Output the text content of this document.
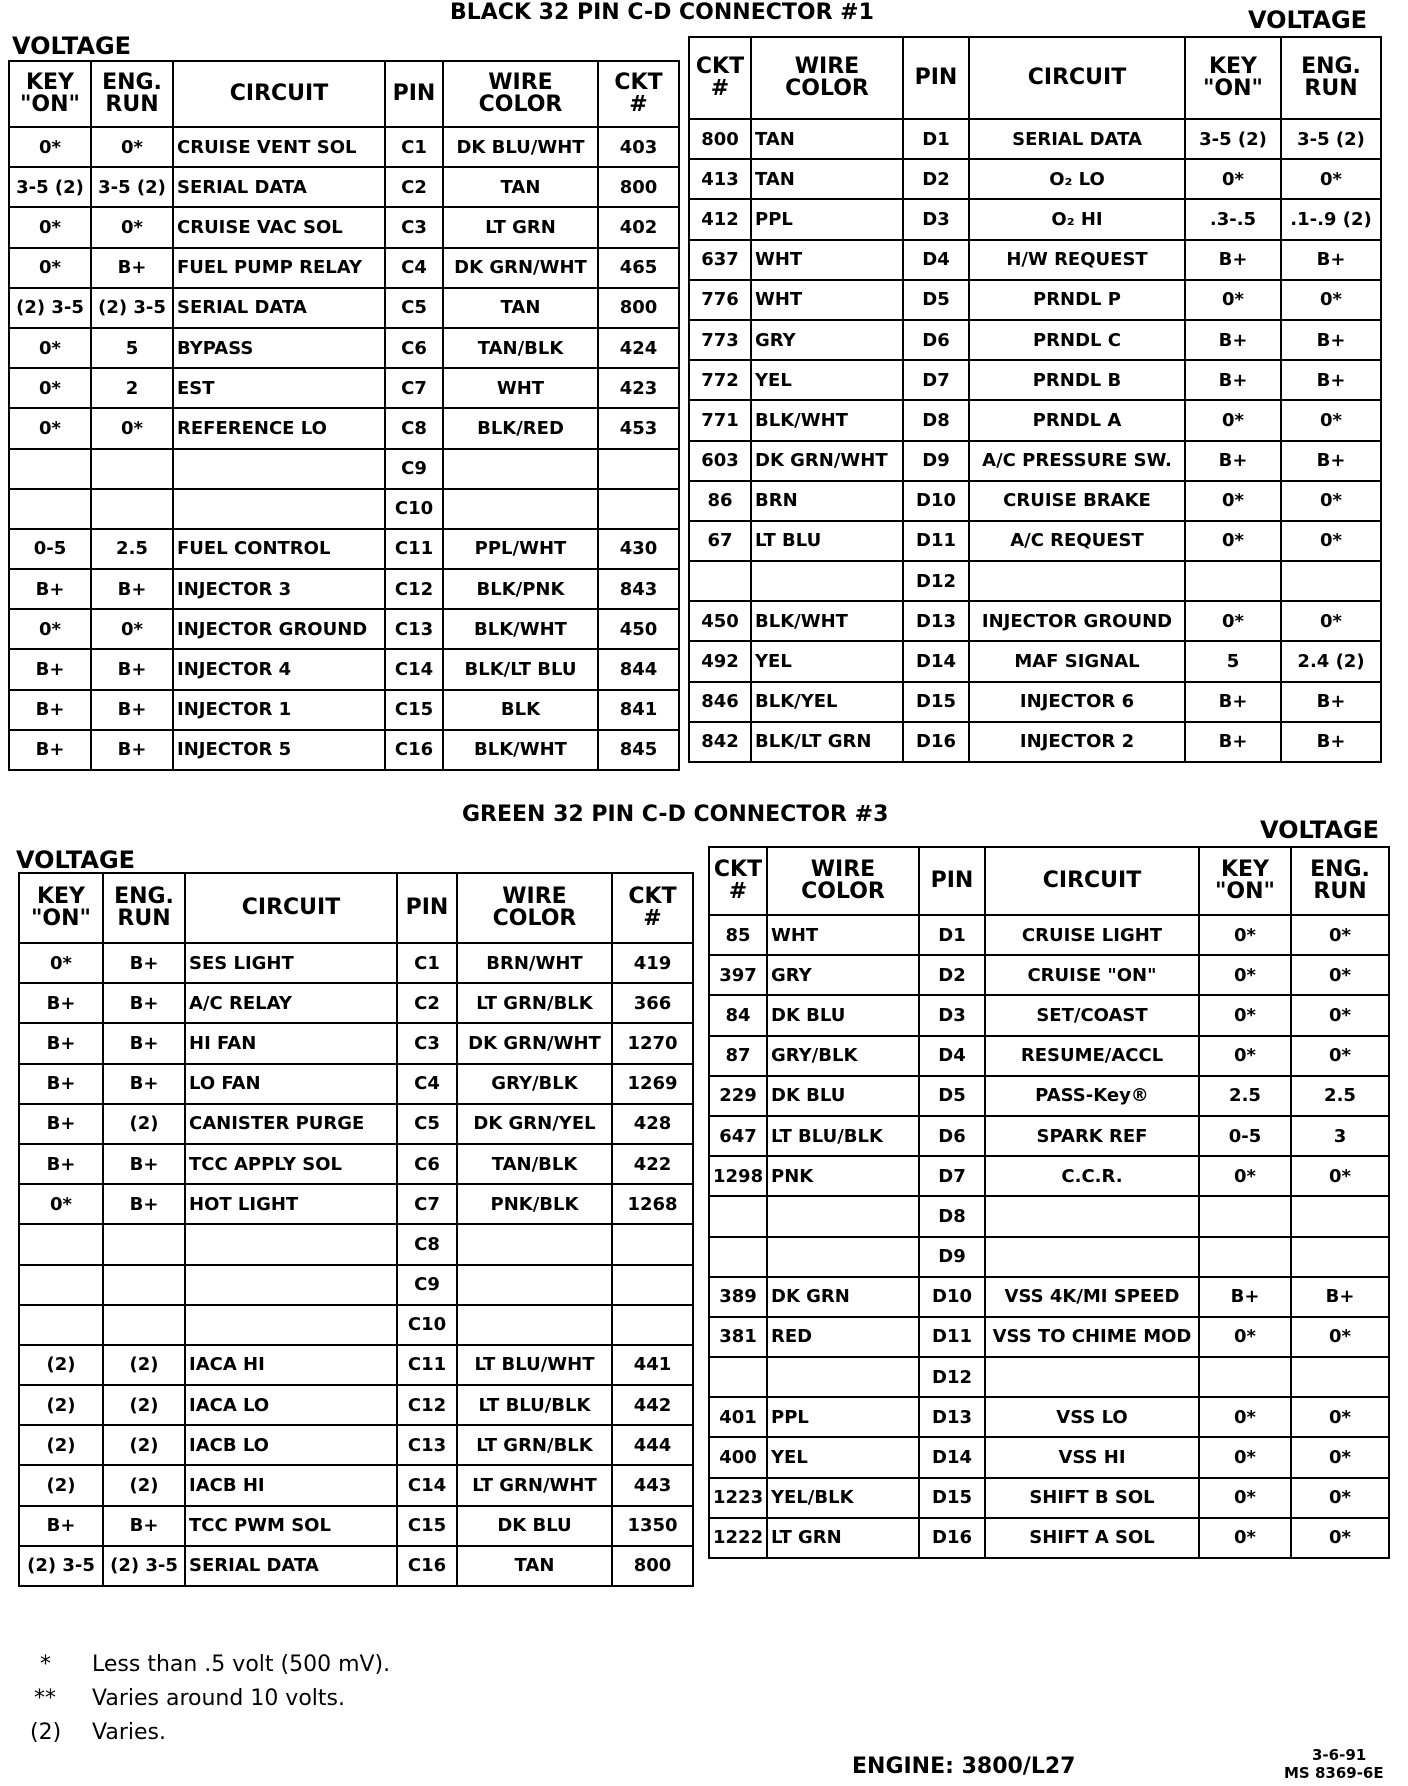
BLACK 32 PIN C-D CONNECTOR #1
VOLTAGE
VOLTAGE
KEY "ON"	ENG. RUN	CIRCUIT	PIN	WIRE COLOR	CKT #
0*	0*	CRUISE VENT SOL	C1	DK BLU/WHT	403
3-5 (2)	3-5 (2)	SERIAL DATA	C2	TAN	800
0*	0*	CRUISE VAC SOL	C3	LT GRN	402
0*	B+	FUEL PUMP RELAY	C4	DK GRN/WHT	465
(2) 3-5	(2) 3-5	SERIAL DATA	C5	TAN	800
0*	5	BYPASS	C6	TAN/BLK	424
0*	2	EST	C7	WHT	423
0*	0*	REFERENCE LO	C8	BLK/RED	453
			C9		
			C10		
0-5	2.5	FUEL CONTROL	C11	PPL/WHT	430
B+	B+	INJECTOR 3	C12	BLK/PNK	843
0*	0*	INJECTOR GROUND	C13	BLK/WHT	450
B+	B+	INJECTOR 4	C14	BLK/LT BLU	844
B+	B+	INJECTOR 1	C15	BLK	841
B+	B+	INJECTOR 5	C16	BLK/WHT	845
CKT #	WIRE COLOR	PIN	CIRCUIT	KEY "ON"	ENG. RUN
800	TAN	D1	SERIAL DATA	3-5 (2)	3-5 (2)
413	TAN	D2	O₂ LO	0*	0*
412	PPL	D3	O₂ HI	.3-.5	.1-.9 (2)
637	WHT	D4	H/W REQUEST	B+	B+
776	WHT	D5	PRNDL P	0*	0*
773	GRY	D6	PRNDL C	B+	B+
772	YEL	D7	PRNDL B	B+	B+
771	BLK/WHT	D8	PRNDL A	0*	0*
603	DK GRN/WHT	D9	A/C PRESSURE SW.	B+	B+
86	BRN	D10	CRUISE BRAKE	0*	0*
67	LT BLU	D11	A/C REQUEST	0*	0*
		D12			
450	BLK/WHT	D13	INJECTOR GROUND	0*	0*
492	YEL	D14	MAF SIGNAL	5	2.4 (2)
846	BLK/YEL	D15	INJECTOR 6	B+	B+
842	BLK/LT GRN	D16	INJECTOR 2	B+	B+
GREEN 32 PIN C-D CONNECTOR #3
VOLTAGE
VOLTAGE
KEY "ON"	ENG. RUN	CIRCUIT	PIN	WIRE COLOR	CKT #
0*	B+	SES LIGHT	C1	BRN/WHT	419
B+	B+	A/C RELAY	C2	LT GRN/BLK	366
B+	B+	HI FAN	C3	DK GRN/WHT	1270
B+	B+	LO FAN	C4	GRY/BLK	1269
B+	(2)	CANISTER PURGE	C5	DK GRN/YEL	428
B+	B+	TCC APPLY SOL	C6	TAN/BLK	422
0*	B+	HOT LIGHT	C7	PNK/BLK	1268
			C8		
			C9		
			C10		
(2)	(2)	IACA HI	C11	LT BLU/WHT	441
(2)	(2)	IACA LO	C12	LT BLU/BLK	442
(2)	(2)	IACB LO	C13	LT GRN/BLK	444
(2)	(2)	IACB HI	C14	LT GRN/WHT	443
B+	B+	TCC PWM SOL	C15	DK BLU	1350
(2) 3-5	(2) 3-5	SERIAL DATA	C16	TAN	800
CKT #	WIRE COLOR	PIN	CIRCUIT	KEY "ON"	ENG. RUN
85	WHT	D1	CRUISE LIGHT	0*	0*
397	GRY	D2	CRUISE "ON"	0*	0*
84	DK BLU	D3	SET/COAST	0*	0*
87	GRY/BLK	D4	RESUME/ACCL	0*	0*
229	DK BLU	D5	PASS-Key®	2.5	2.5
647	LT BLU/BLK	D6	SPARK REF	0-5	3
1298	PNK	D7	C.C.R.	0*	0*
		D8			
		D9			
389	DK GRN	D10	VSS 4K/MI SPEED	B+	B+
381	RED	D11	VSS TO CHIME MOD	0*	0*
		D12			
401	PPL	D13	VSS LO	0*	0*
400	YEL	D14	VSS HI	0*	0*
1223	YEL/BLK	D15	SHIFT B SOL	0*	0*
1222	LT GRN	D16	SHIFT A SOL	0*	0*
* Less than .5 volt (500 mV).
** Varies around 10 volts.
(2) Varies.
ENGINE: 3800/L27	3-6-91
MS 8369-6E
